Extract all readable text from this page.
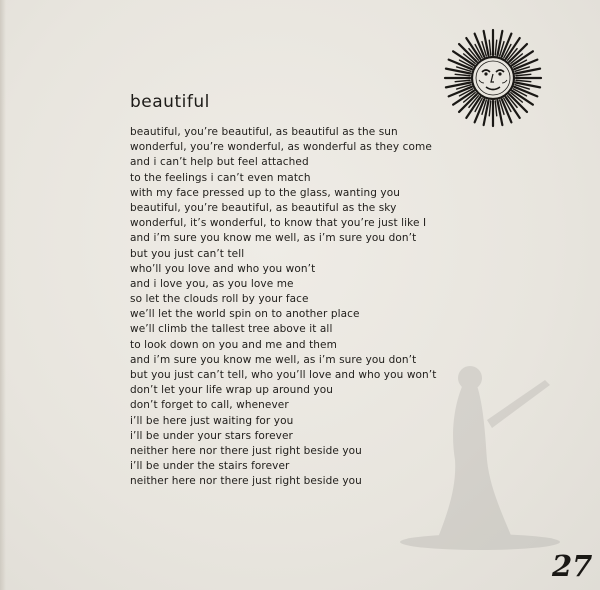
beautiful
beautiful, you’re beautiful, as beautiful as the sun
wonderful, you’re wonderful, as wonderful as they come
and i can’t help but feel attached
to the feelings i can’t even match
with my face pressed up to the glass, wanting you
beautiful, you’re beautiful, as beautiful as the sky
wonderful, it’s wonderful, to know that you’re just like I
and i’m sure you know me well, as i’m sure you don’t
but you just can’t tell
who’ll you love and who you won’t
and i love you, as you love me
so let the clouds roll by your face
we’ll let the world spin on to another place
we’ll climb the tallest tree above it all
to look down on you and me and them
and i’m sure you know me well, as i’m sure you don’t
but you just can’t tell, who you’ll love and who you won’t
don’t let your life wrap up around you
don’t forget to call, whenever
i’ll be here just waiting for you
i’ll be under your stars forever
neither here nor there just right beside you
i’ll be under the stairs forever
neither here nor there just right beside you
27
